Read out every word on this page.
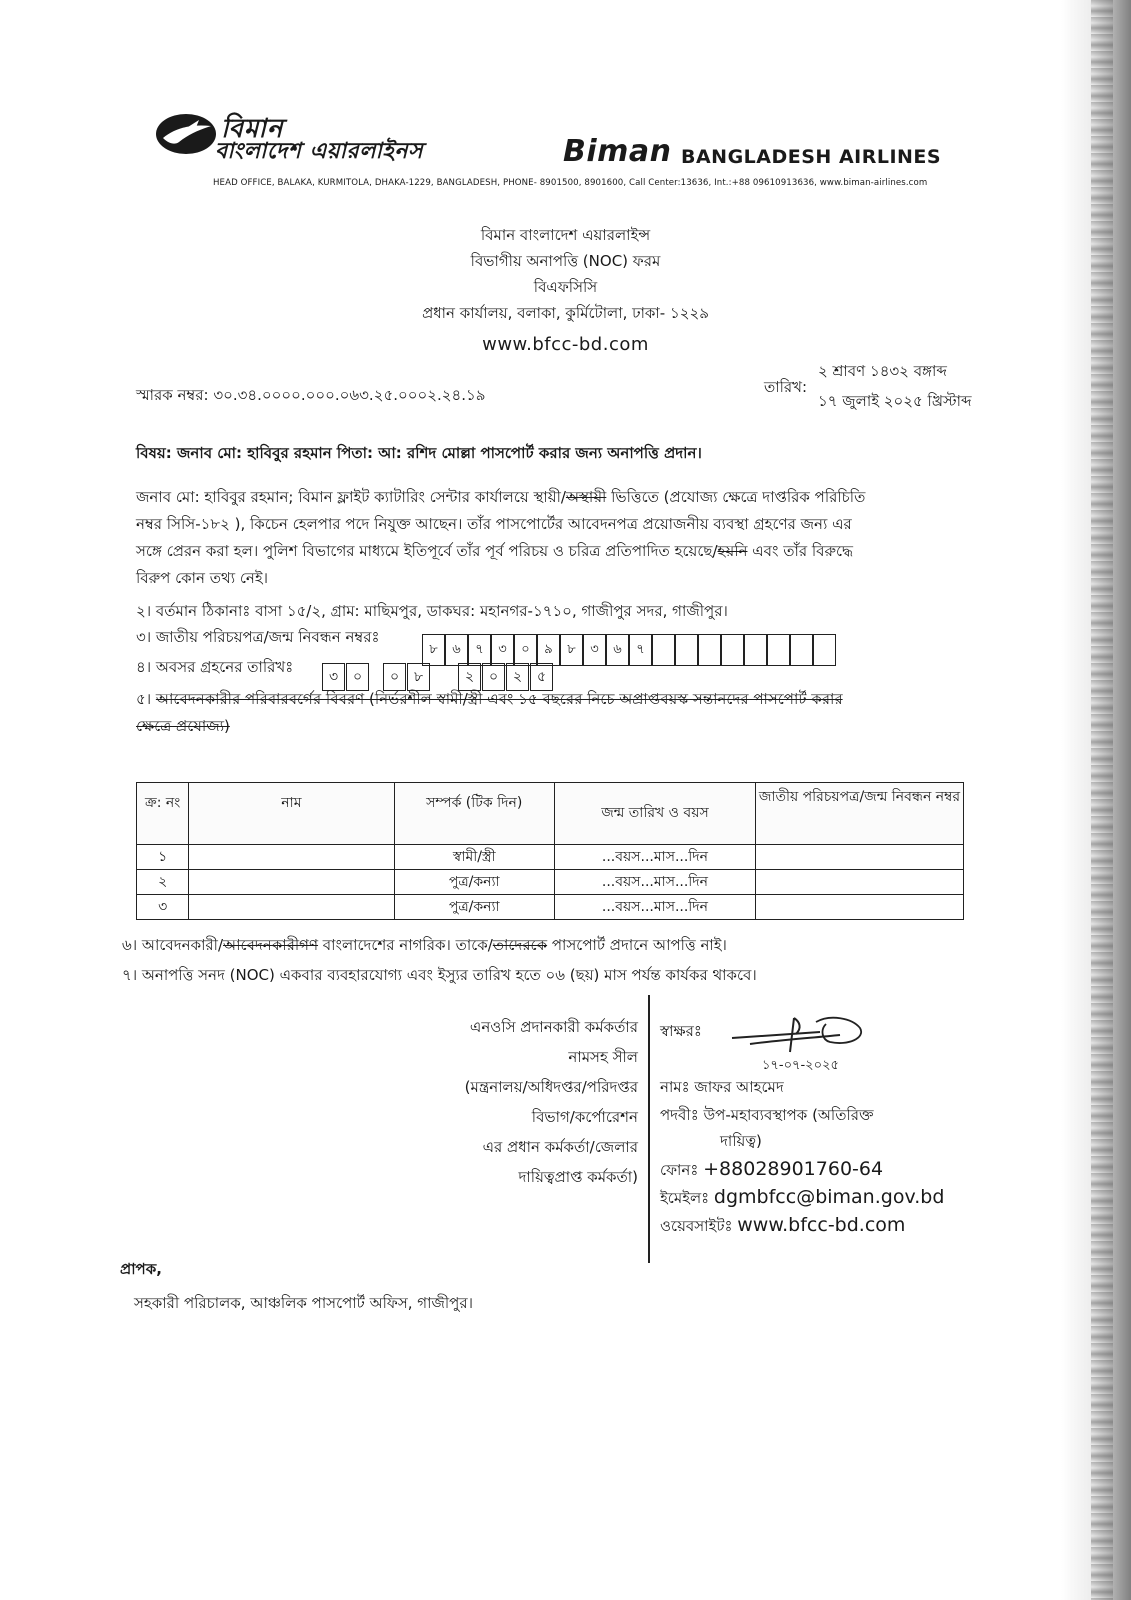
বিমান
বাংলাদেশ এয়ারলাইনস	Biman BANGLADESH AIRLINES
HEAD OFFICE, BALAKA, KURMITOLA, DHAKA-1229, BANGLADESH, PHONE- 8901500, 8901600, Call Center:13636, Int.:+88 09610913636, www.biman-airlines.com
বিমান বাংলাদেশ এয়ারলাইন্স
বিভাগীয় অনাপত্তি (NOC) ফরম
বিএফসিসি
প্রধান কার্যালয়, বলাকা, কুর্মিটোলা, ঢাকা- ১২২৯
www.bfcc-bd.com
স্মারক নম্বর: ৩০.৩৪.০০০০.০০০.০৬৩.২৫.০০০২.২৪.১৯	তারিখ:
২ শ্রাবণ ১৪৩২ বঙ্গাব্দ
১৭ জুলাই ২০২৫ খ্রিস্টাব্দ
বিষয়: জনাব মো: হাবিবুর রহমান পিতা: আ: রশিদ মোল্লা পাসপোর্ট করার জন্য অনাপত্তি প্রদান।
জনাব মো: হাবিবুর রহমান; বিমান ফ্লাইট ক্যাটারিং সেন্টার কার্যালয়ে স্থায়ী/অস্থায়ী ভিত্তিতে (প্রযোজ্য ক্ষেত্রে দাপ্তরিক পরিচিতি
নম্বর সিসি-১৮২ ), কিচেন হেলপার পদে নিযুক্ত আছেন। তাঁর পাসপোর্টের আবেদনপত্র প্রয়োজনীয় ব্যবস্থা গ্রহণের জন্য এর
সঙ্গে প্রেরন করা হল। পুলিশ বিভাগের মাধ্যমে ইতিপূর্বে তাঁর পূর্ব পরিচয় ও চরিত্র প্রতিপাদিত হয়েছে/হয়নি এবং তাঁর বিরুদ্ধে
বিরুপ কোন তথ্য নেই।
২। বর্তমান ঠিকানাঃ বাসা ১৫/২, গ্রাম: মাছিমপুর, ডাকঘর: মহানগর-১৭১০, গাজীপুর সদর, গাজীপুর।
৩। জাতীয় পরিচয়পত্র/জন্ম নিবন্ধন নম্বরঃ
৮	৬	৭	৩	০	৯	৮	৩	৬	৭
৪। অবসর গ্রহনের তারিখঃ
৩	০	০	৮	২	০	২	৫
৫। আবেদনকারীর পরিবারবর্গের বিবরণ (নির্ভরশীল স্বামী/স্ত্রী এবং ১৫ বছরের নিচে অপ্রাপ্তবয়স্ক সন্তানদের পাসপোর্ট করার
ক্ষেত্রে প্রযোজ্য)
ক্র: নং	নাম	সম্পর্ক (টিক দিন)	জন্ম তারিখ ও বয়স	জাতীয় পরিচয়পত্র/জন্ম নিবন্ধন নম্বর
১		স্বামী/স্ত্রী	...বয়স...মাস...দিন	
২		পুত্র/কন্যা	...বয়স...মাস...দিন	
৩		পুত্র/কন্যা	...বয়স...মাস...দিন	
৬। আবেদনকারী/আবেদনকারীগণ বাংলাদেশের নাগরিক। তাকে/তাদেরকে পাসপোর্ট প্রদানে আপত্তি নাই।
৭। অনাপত্তি সনদ (NOC) একবার ব্যবহারযোগ্য এবং ইস্যুর তারিখ হতে ০৬ (ছয়) মাস পর্যন্ত কার্যকর থাকবে।
এনওসি প্রদানকারী কর্মকর্তার
নামসহ সীল
(মন্ত্রনালয়/অধিদপ্তর/পরিদপ্তর
বিভাগ/কর্পোরেশন
এর প্রধান কর্মকর্তা/জেলার
দায়িত্বপ্রাপ্ত কর্মকর্তা)
স্বাক্ষরঃ
১৭-০৭-২০২৫
নামঃ জাফর আহমেদ
পদবীঃ উপ-মহাব্যবস্থাপক (অতিরিক্ত
দায়িত্ব)
ফোনঃ +88028901760-64
ইমেইলঃ dgmbfcc@biman.gov.bd
ওয়েবসাইটঃ www.bfcc-bd.com
প্রাপক,
সহকারী পরিচালক, আঞ্চলিক পাসপোর্ট অফিস, গাজীপুর।
